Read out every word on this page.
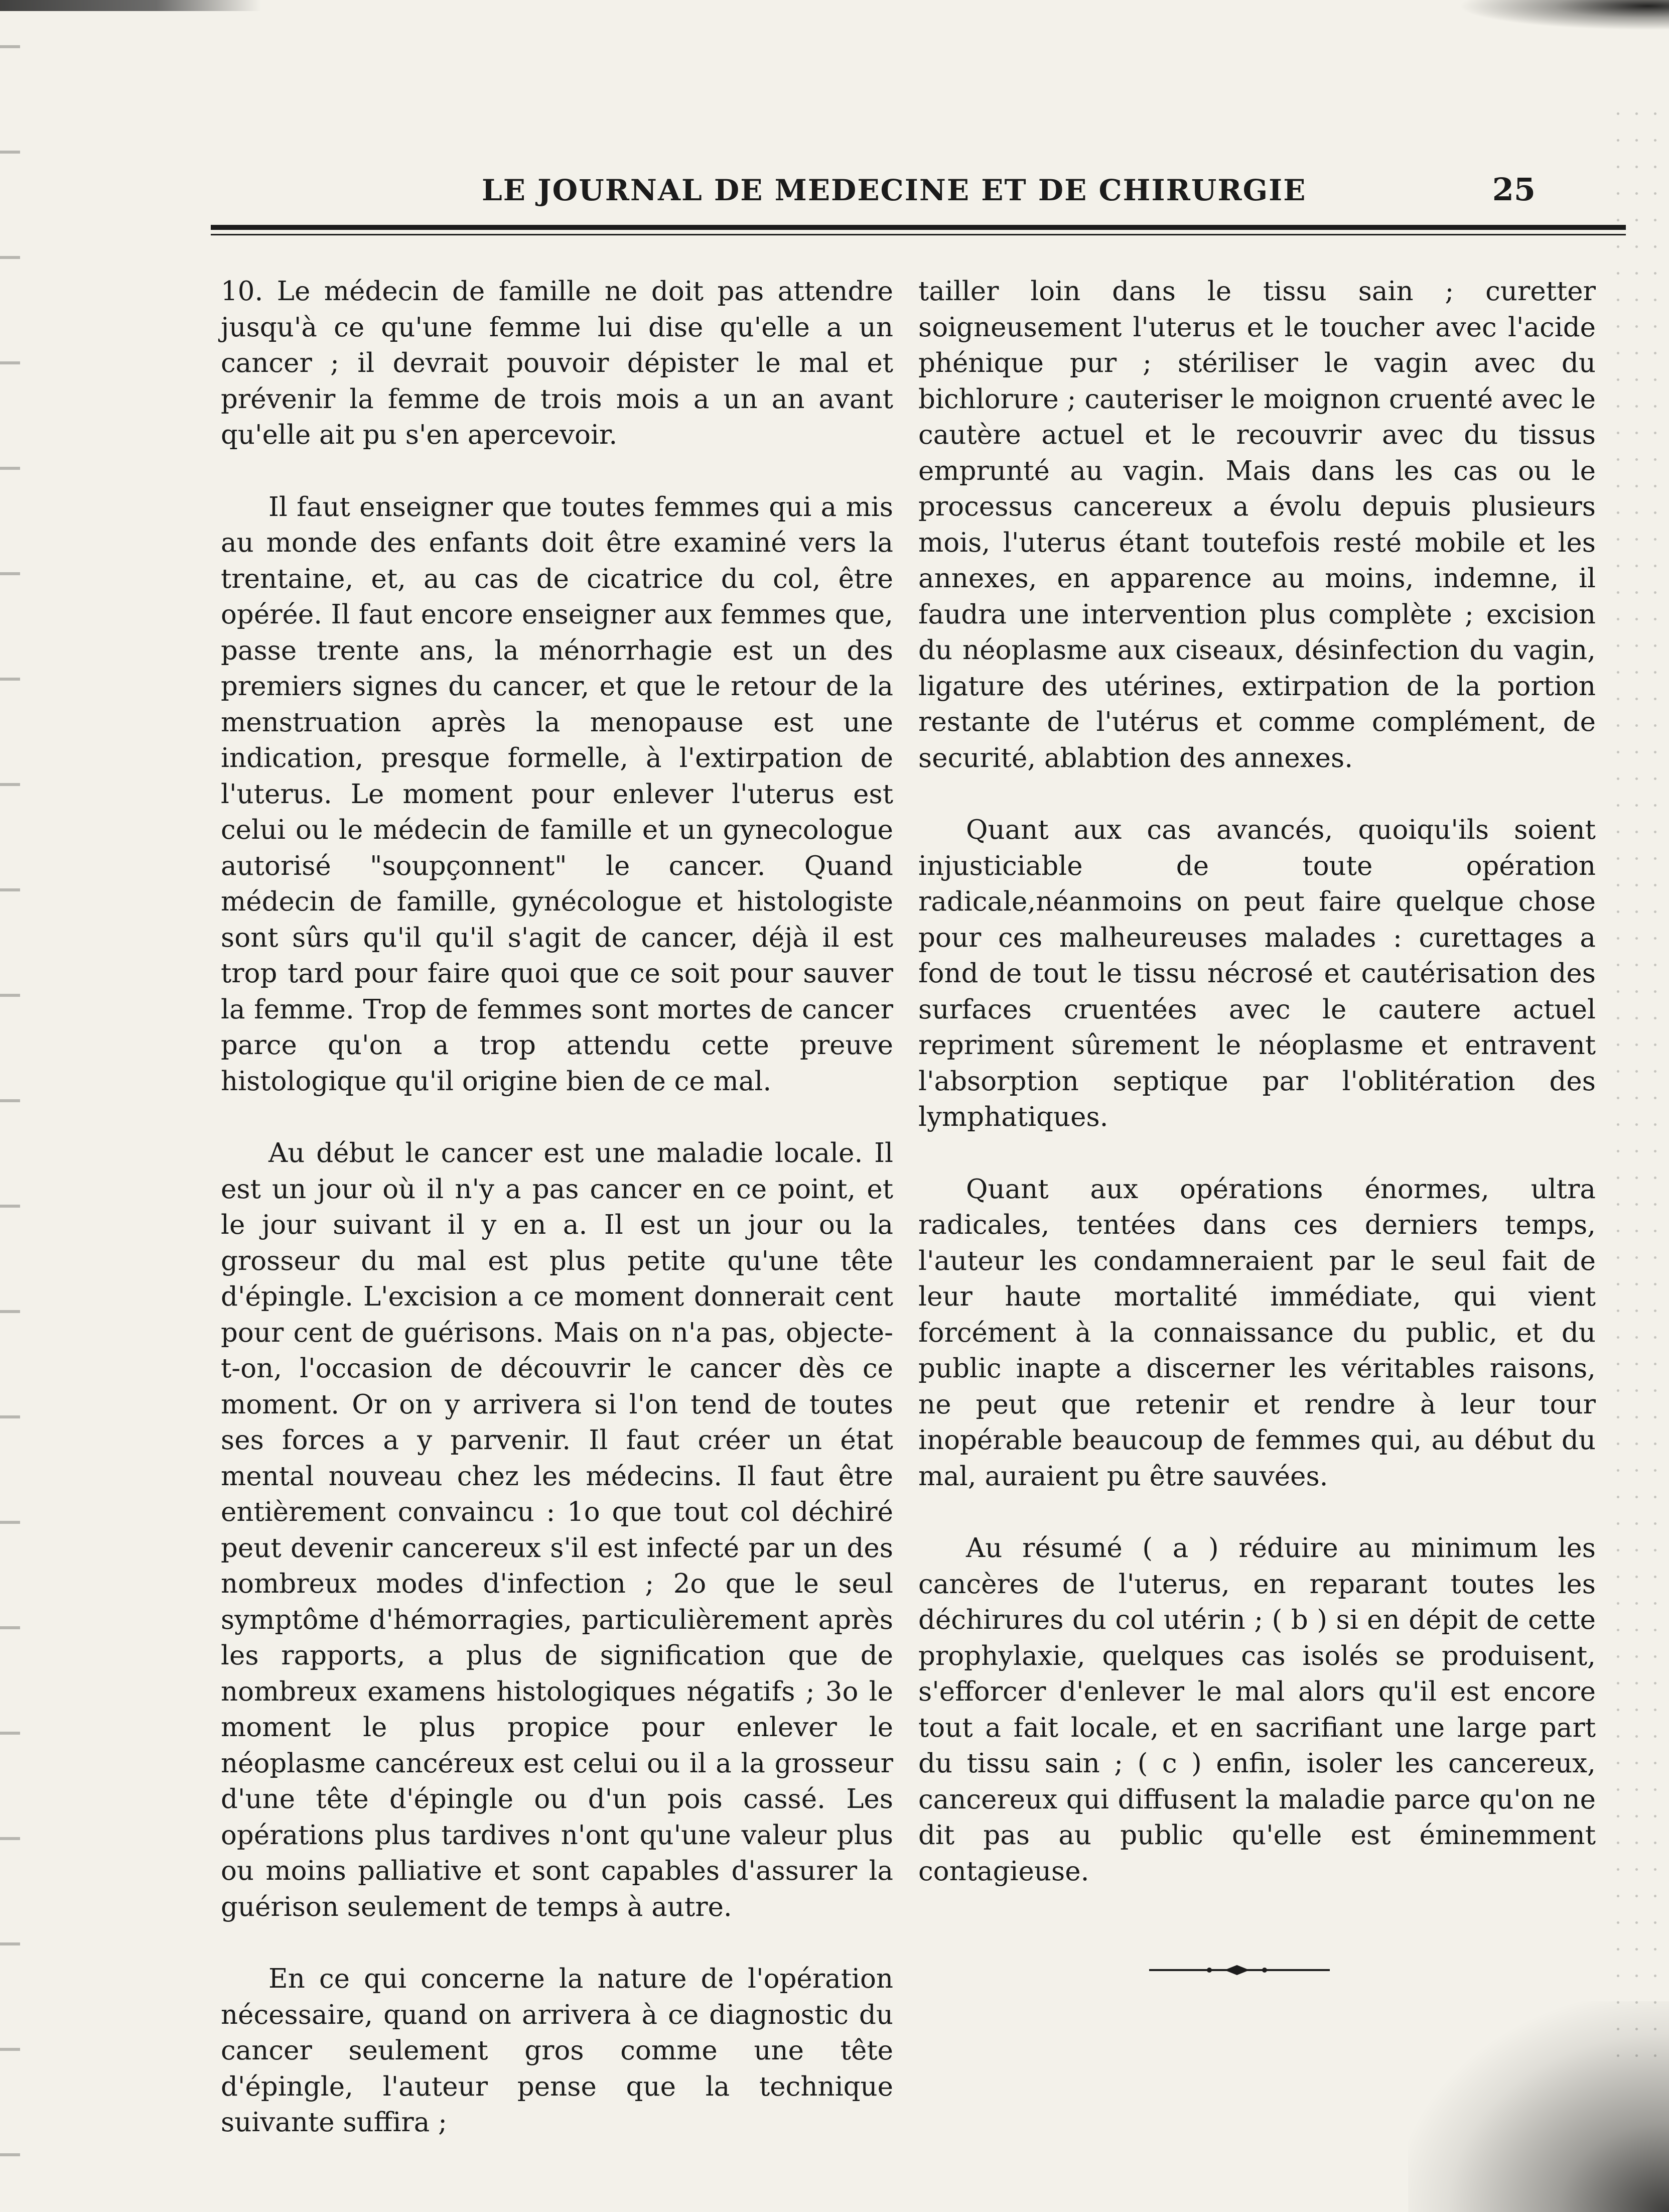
LE JOURNAL DE MEDECINE ET DE CHIRURGIE	25

10. Le médecin de famille ne doit pas attendre jusqu'à ce qu'une femme lui dise qu'elle a un cancer ; il devrait pouvoir dépister le mal et prévenir la femme de trois mois a un an avant qu'elle ait pu s'en apercevoir.

Il faut enseigner que toutes femmes qui a mis au monde des enfants doit être examiné vers la trentaine, et, au cas de cicatrice du col, être opérée. Il faut encore enseigner aux femmes que, passe trente ans, la ménorrhagie est un des premiers signes du cancer, et que le retour de la menstruation après la menopause est une indication, presque formelle, à l'extirpation de l'uterus. Le moment pour enlever l'uterus est celui ou le médecin de famille et un gynecologue autorisé "soupçonnent" le cancer. Quand médecin de famille, gynécologue et histologiste sont sûrs qu'il qu'il s'agit de cancer, déjà il est trop tard pour faire quoi que ce soit pour sauver la femme. Trop de femmes sont mortes de cancer parce qu'on a trop attendu cette preuve histologique qu'il origine bien de ce mal.

Au début le cancer est une maladie locale. Il est un jour où il n'y a pas cancer en ce point, et le jour suivant il y en a. Il est un jour ou la grosseur du mal est plus petite qu'une tête d'épingle. L'excision a ce moment donnerait cent pour cent de guérisons. Mais on n'a pas, objecte-t-on, l'occasion de découvrir le cancer dès ce moment. Or on y arrivera si l'on tend de toutes ses forces a y parvenir. Il faut créer un état mental nouveau chez les médecins. Il faut être entièrement convaincu : 1o que tout col déchiré peut devenir cancereux s'il est infecté par un des nombreux modes d'infection ; 2o que le seul symptôme d'hémorragies, particulièrement après les rapports, a plus de signification que de nombreux examens histologiques négatifs ; 3o le moment le plus propice pour enlever le néoplasme cancéreux est celui ou il a la grosseur d'une tête d'épingle ou d'un pois cassé. Les opérations plus tardives n'ont qu'une valeur plus ou moins palliative et sont capables d'assurer la guérison seulement de temps à autre.

En ce qui concerne la nature de l'opération nécessaire, quand on arrivera à ce diagnostic du cancer seulement gros comme une tête d'épingle, l'auteur pense que la technique suivante suffira ;

tailler loin dans le tissu sain ; curetter soigneusement l'uterus et le toucher avec l'acide phénique pur ; stériliser le vagin avec du bichlorure ; cauteriser le moignon cruenté avec le cautère actuel et le recouvrir avec du tissus emprunté au vagin. Mais dans les cas ou le processus cancereux a évolu depuis plusieurs mois, l'uterus étant toutefois resté mobile et les annexes, en apparence au moins, indemne, il faudra une intervention plus complète ; excision du néoplasme aux ciseaux, désinfection du vagin, ligature des utérines, extirpation de la portion restante de l'utérus et comme complément, de securité, ablabtion des annexes.

Quant aux cas avancés, quoiqu'ils soient injusticiable de toute opération radicale,néanmoins on peut faire quelque chose pour ces malheureuses malades : curettages a fond de tout le tissu nécrosé et cautérisation des surfaces cruentées avec le cautere actuel repriment sûrement le néoplasme et entravent l'absorption septique par l'oblitération des lymphatiques.

Quant aux opérations énormes, ultra radicales, tentées dans ces derniers temps, l'auteur les condamneraient par le seul fait de leur haute mortalité immédiate, qui vient forcément à la connaissance du public, et du public inapte a discerner les véritables raisons, ne peut que retenir et rendre à leur tour inopérable beaucoup de femmes qui, au début du mal, auraient pu être sauvées.

Au résumé ( a ) réduire au minimum les cancères de l'uterus, en reparant toutes les déchirures du col utérin ; ( b ) si en dépit de cette prophylaxie, quelques cas isolés se produisent, s'efforcer d'enlever le mal alors qu'il est encore tout a fait locale, et en sacrifiant une large part du tissu sain ; ( c ) enfin, isoler les cancereux, cancereux qui diffusent la maladie parce qu'on ne dit pas au public qu'elle est éminemment contagieuse.
